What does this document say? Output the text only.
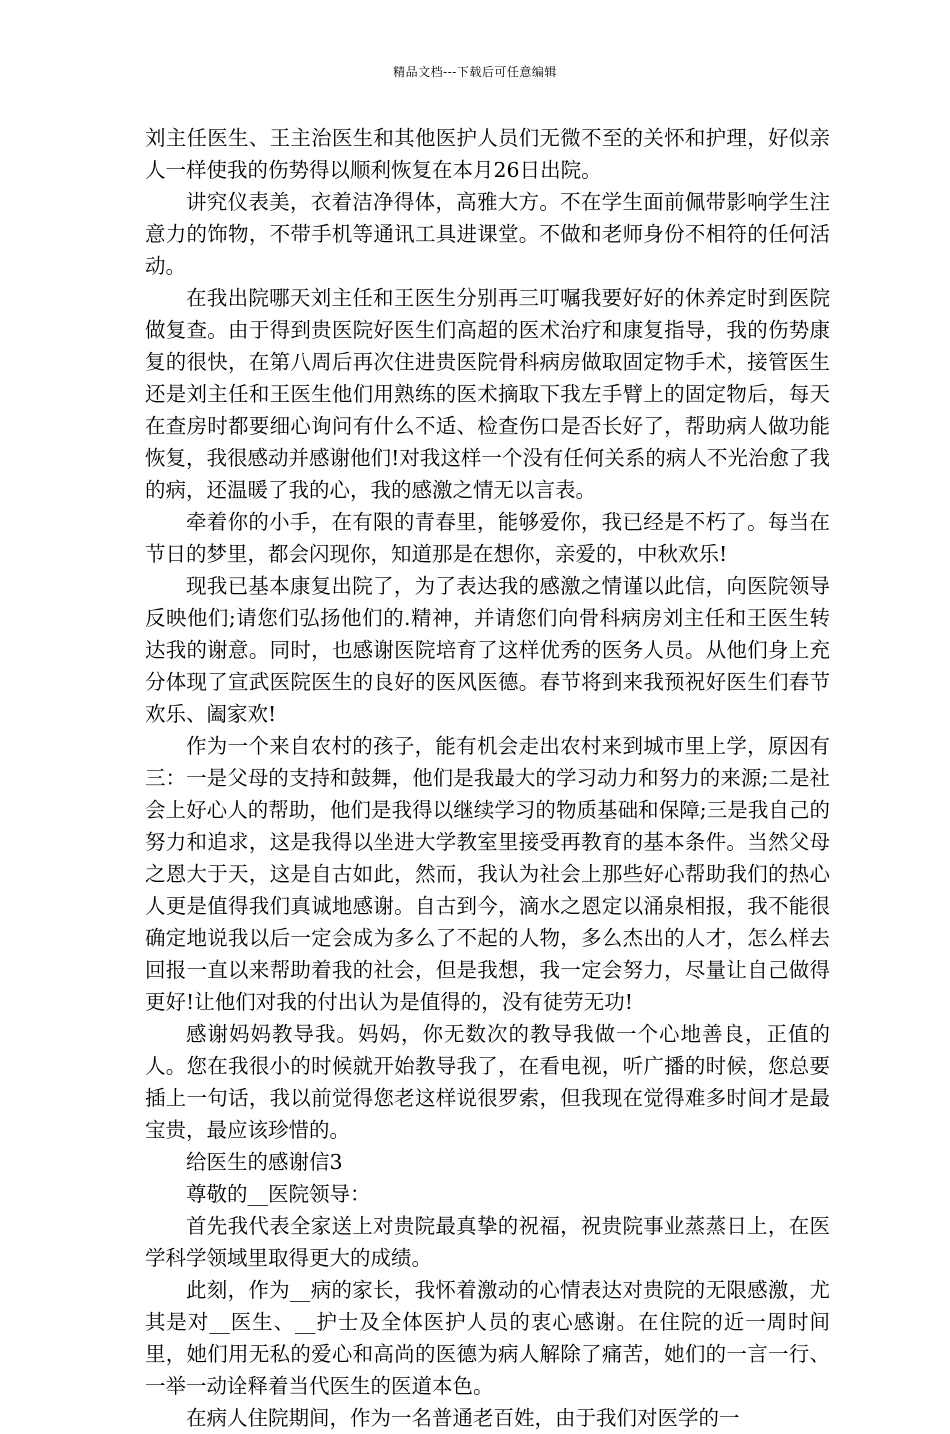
精品文档---下载后可任意编辑

刘主任医生、王主治医生和其他医护人员们无微不至的关怀和护理，好似亲人一样使我的伤势得以顺利恢复在本月26日出院。

讲究仪表美，衣着洁净得体，高雅大方。不在学生面前佩带影响学生注意力的饰物，不带手机等通讯工具进课堂。不做和老师身份不相符的任何活动。

在我出院哪天刘主任和王医生分别再三叮嘱我要好好的休养定时到医院做复查。由于得到贵医院好医生们高超的医术治疗和康复指导，我的伤势康复的很快，在第八周后再次住进贵医院骨科病房做取固定物手术，接管医生还是刘主任和王医生他们用熟练的医术摘取下我左手臂上的固定物后，每天在查房时都要细心询问有什么不适、检查伤口是否长好了，帮助病人做功能恢复，我很感动并感谢他们!对我这样一个没有任何关系的病人不光治愈了我的病，还温暖了我的心，我的感激之情无以言表。

牵着你的小手，在有限的青春里，能够爱你，我已经是不朽了。每当在节日的梦里，都会闪现你，知道那是在想你，亲爱的，中秋欢乐!

现我已基本康复出院了，为了表达我的感激之情谨以此信，向医院领导反映他们;请您们弘扬他们的.精神，并请您们向骨科病房刘主任和王医生转达我的谢意。同时，也感谢医院培育了这样优秀的医务人员。从他们身上充分体现了宣武医院医生的良好的医风医德。春节将到来我预祝好医生们春节欢乐、阖家欢!

作为一个来自农村的孩子，能有机会走出农村来到城市里上学，原因有三：一是父母的支持和鼓舞，他们是我最大的学习动力和努力的来源;二是社会上好心人的帮助，他们是我得以继续学习的物质基础和保障;三是我自己的努力和追求，这是我得以坐进大学教室里接受再教育的基本条件。当然父母之恩大于天，这是自古如此，然而，我认为社会上那些好心帮助我们的热心人更是值得我们真诚地感谢。自古到今，滴水之恩定以涌泉相报，我不能很确定地说我以后一定会成为多么了不起的人物，多么杰出的人才，怎么样去回报一直以来帮助着我的社会，但是我想，我一定会努力，尽量让自己做得更好!让他们对我的付出认为是值得的，没有徒劳无功!

感谢妈妈教导我。妈妈，你无数次的教导我做一个心地善良，正值的人。您在我很小的时候就开始教导我了，在看电视，听广播的时候，您总要插上一句话，我以前觉得您老这样说很罗索，但我现在觉得难多时间才是最宝贵，最应该珍惜的。

给医生的感谢信3

尊敬的__医院领导：

首先我代表全家送上对贵院最真挚的祝福，祝贵院事业蒸蒸日上，在医学科学领域里取得更大的成绩。

此刻，作为__病的家长，我怀着激动的心情表达对贵院的无限感激，尤其是对__医生、__护士及全体医护人员的衷心感谢。在住院的近一周时间里，她们用无私的爱心和高尚的医德为病人解除了痛苦，她们的一言一行、一举一动诠释着当代医生的医道本色。

在病人住院期间，作为一名普通老百姓，由于我们对医学的一
